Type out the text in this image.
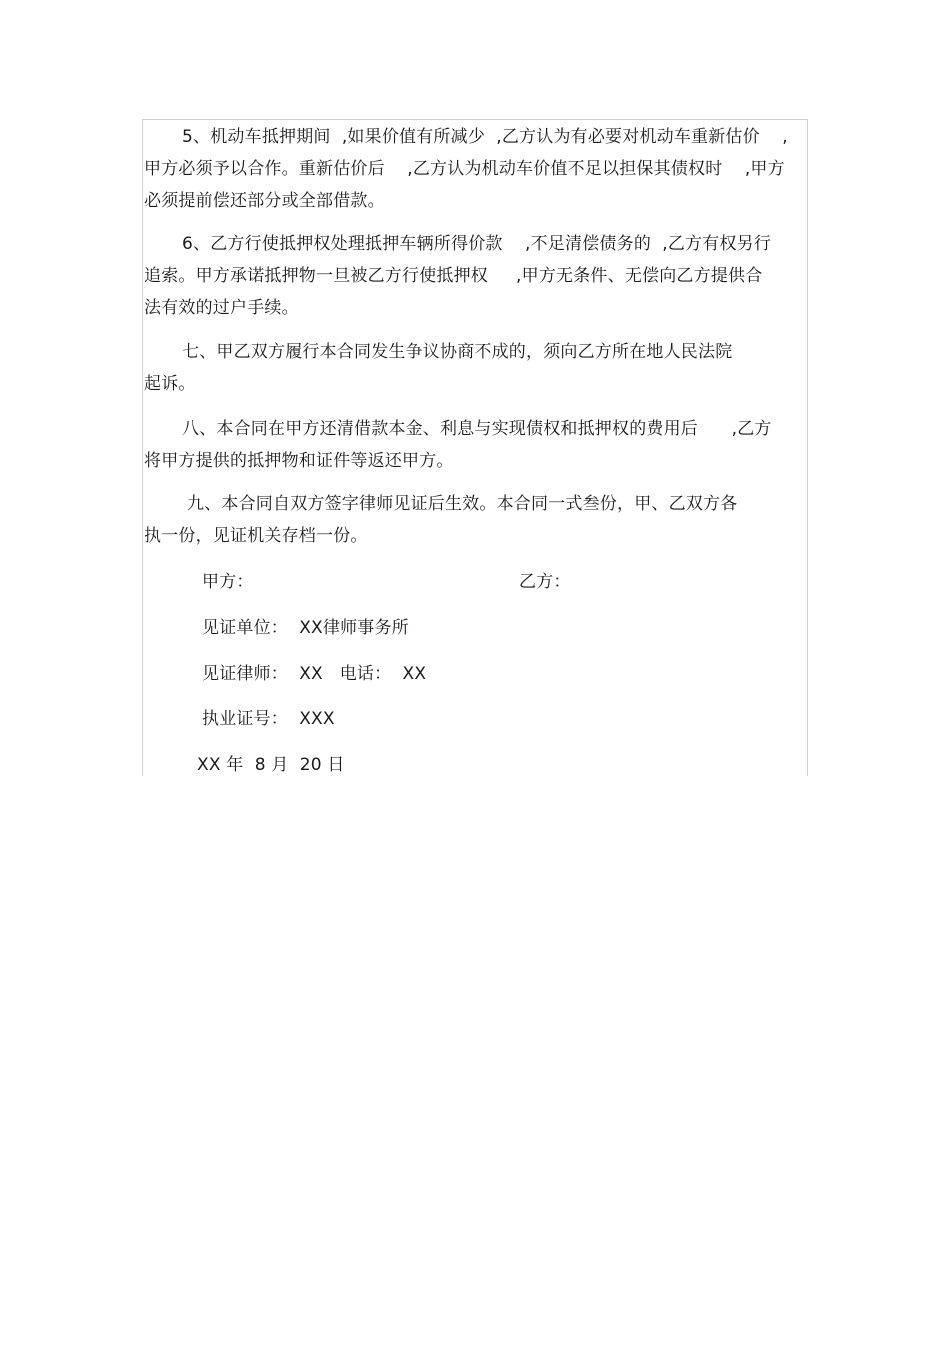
5、机动车抵押期间  ,如果价值有所减少  ,乙方认为有必要对机动车重新估价    ,
甲方必须予以合作。重新估价后    ,乙方认为机动车价值不足以担保其债权时    ,甲方
必须提前偿还部分或全部借款。
6、乙方行使抵押权处理抵押车辆所得价款    ,不足清偿债务的  ,乙方有权另行
追索。甲方承诺抵押物一旦被乙方行使抵押权     ,甲方无条件、无偿向乙方提供合
法有效的过户手续。
七、甲乙双方履行本合同发生争议协商不成的，须向乙方所在地人民法院
起诉。
八、本合同在甲方还清借款本金、利息与实现债权和抵押权的费用后      ,乙方
将甲方提供的抵押物和证件等返还甲方。
九、本合同自双方签字律师见证后生效。本合同一式叁份，甲、乙双方各
执一份，见证机关存档一份。
甲方：	乙方：
见证单位：  XX律师事务所
见证律师：  XX   电话：  XX
执业证号：  XXX
XX 年  8 月  20 日
